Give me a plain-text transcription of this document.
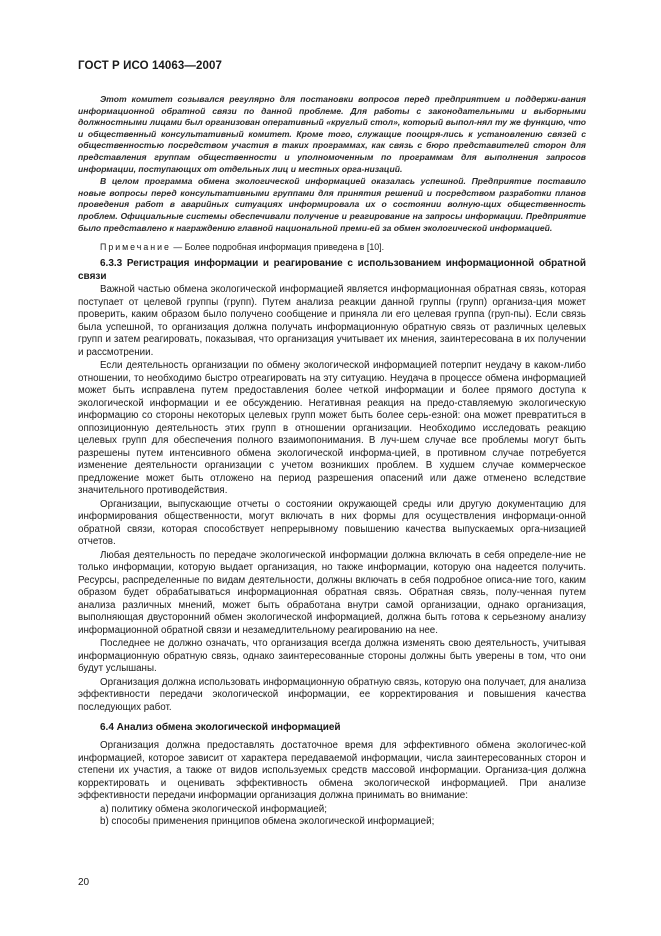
ГОСТ Р ИСО 14063—2007

Этот комитет созывался регулярно для постановки вопросов перед предприятием и поддержи-вания информационной обратной связи по данной проблеме. Для работы с законодательными и выборными должностными лицами был организован оперативный «круглый стол», который выпол-нял ту же функцию, что и общественный консультативный комитет. Кроме того, служащие поощря-лись к установлению связей с общественностью посредством участия в таких программах, как связь с бюро представителей сторон для представления группам общественности и уполномоченным по программам для выполнения запросов информации, поступающих от отдельных лиц и местных орга-низаций.

В целом программа обмена экологической информацией оказалась успешной. Предприятие поставило новые вопросы перед консультативными группами для принятия решений и посредством разработки планов проведения работ в аварийных ситуациях информировала их о состоянии волную-щих общественность проблем. Официальные системы обеспечивали получение и реагирование на запросы информации. Предприятие было представлено к награждению главной национальной преми-ей за обмен экологической информацией.

Примечание — Более подробная информация приведена в [10].
6.3.3 Регистрация информации и реагирование с использованием информационной обратной связи

Важной частью обмена экологической информацией является информационная обратная связь, которая поступает от целевой группы (групп). Путем анализа реакции данной группы (групп) организа-ция может проверить, каким образом было получено сообщение и приняла ли его целевая группа (груп-пы). Если связь была успешной, то организация должна получать информационную обратную связь от различных целевых групп и затем реагировать, показывая, что организация учитывает их мнения, заинтересована в их получении и рассмотрении.

Если деятельность организации по обмену экологической информацией потерпит неудачу в каком-либо отношении, то необходимо быстро отреагировать на эту ситуацию. Неудача в процессе обмена информацией может быть исправлена путем предоставления более четкой информации и более прямого доступа к экологической информации и ее обсуждению. Негативная реакция на предо-ставляемую экологическую информацию со стороны некоторых целевых групп может быть более серь-езной: она может превратиться в оппозиционную деятельность этих групп в отношении организации. Необходимо исследовать реакцию целевых групп для обеспечения полного взаимопонимания. В луч-шем случае все проблемы могут быть разрешены путем интенсивного обмена экологической информа-цией, в противном случае потребуется изменение деятельности организации с учетом возникших проблем. В худшем случае коммерческое предложение может быть отложено на период разрешения опасений или даже отменено вследствие значительного противодействия.

Организации, выпускающие отчеты о состоянии окружающей среды или другую документацию для информирования общественности, могут включать в них формы для осуществления информаци-онной обратной связи, которая способствует непрерывному повышению качества выпускаемых орга-низацией отчетов.

Любая деятельность по передаче экологической информации должна включать в себя определе-ние не только информации, которую выдает организация, но также информации, которую она надеется получить. Ресурсы, распределенные по видам деятельности, должны включать в себя подробное описа-ние того, каким образом будет обрабатываться информационная обратная связь. Обратная связь, полу-ченная путем анализа различных мнений, может быть обработана внутри самой организации, однако организация, выполняющая двусторонний обмен экологической информацией, должна быть готова к серьезному анализу информационной обратной связи и незамедлительному реагированию на нее.

Последнее не должно означать, что организация всегда должна изменять свою деятельность, учитывая информационную обратную связь, однако заинтересованные стороны должны быть уверены в том, что они будут услышаны.

Организация должна использовать информационную обратную связь, которую она получает, для анализа эффективности передачи экологической информации, ее корректирования и повышения качества последующих работ.

6.4 Анализ обмена экологической информацией

Организация должна предоставлять достаточное время для эффективного обмена экологичес-кой информацией, которое зависит от характера передаваемой информации, числа заинтересованных сторон и степени их участия, а также от видов используемых средств массовой информации. Организа-ция должна корректировать и оценивать эффективность обмена экологической информацией. При анализе эффективности передачи информации организация должна принимать во внимание:

a) политику обмена экологической информацией;
b) способы применения принципов обмена экологической информацией;
20
